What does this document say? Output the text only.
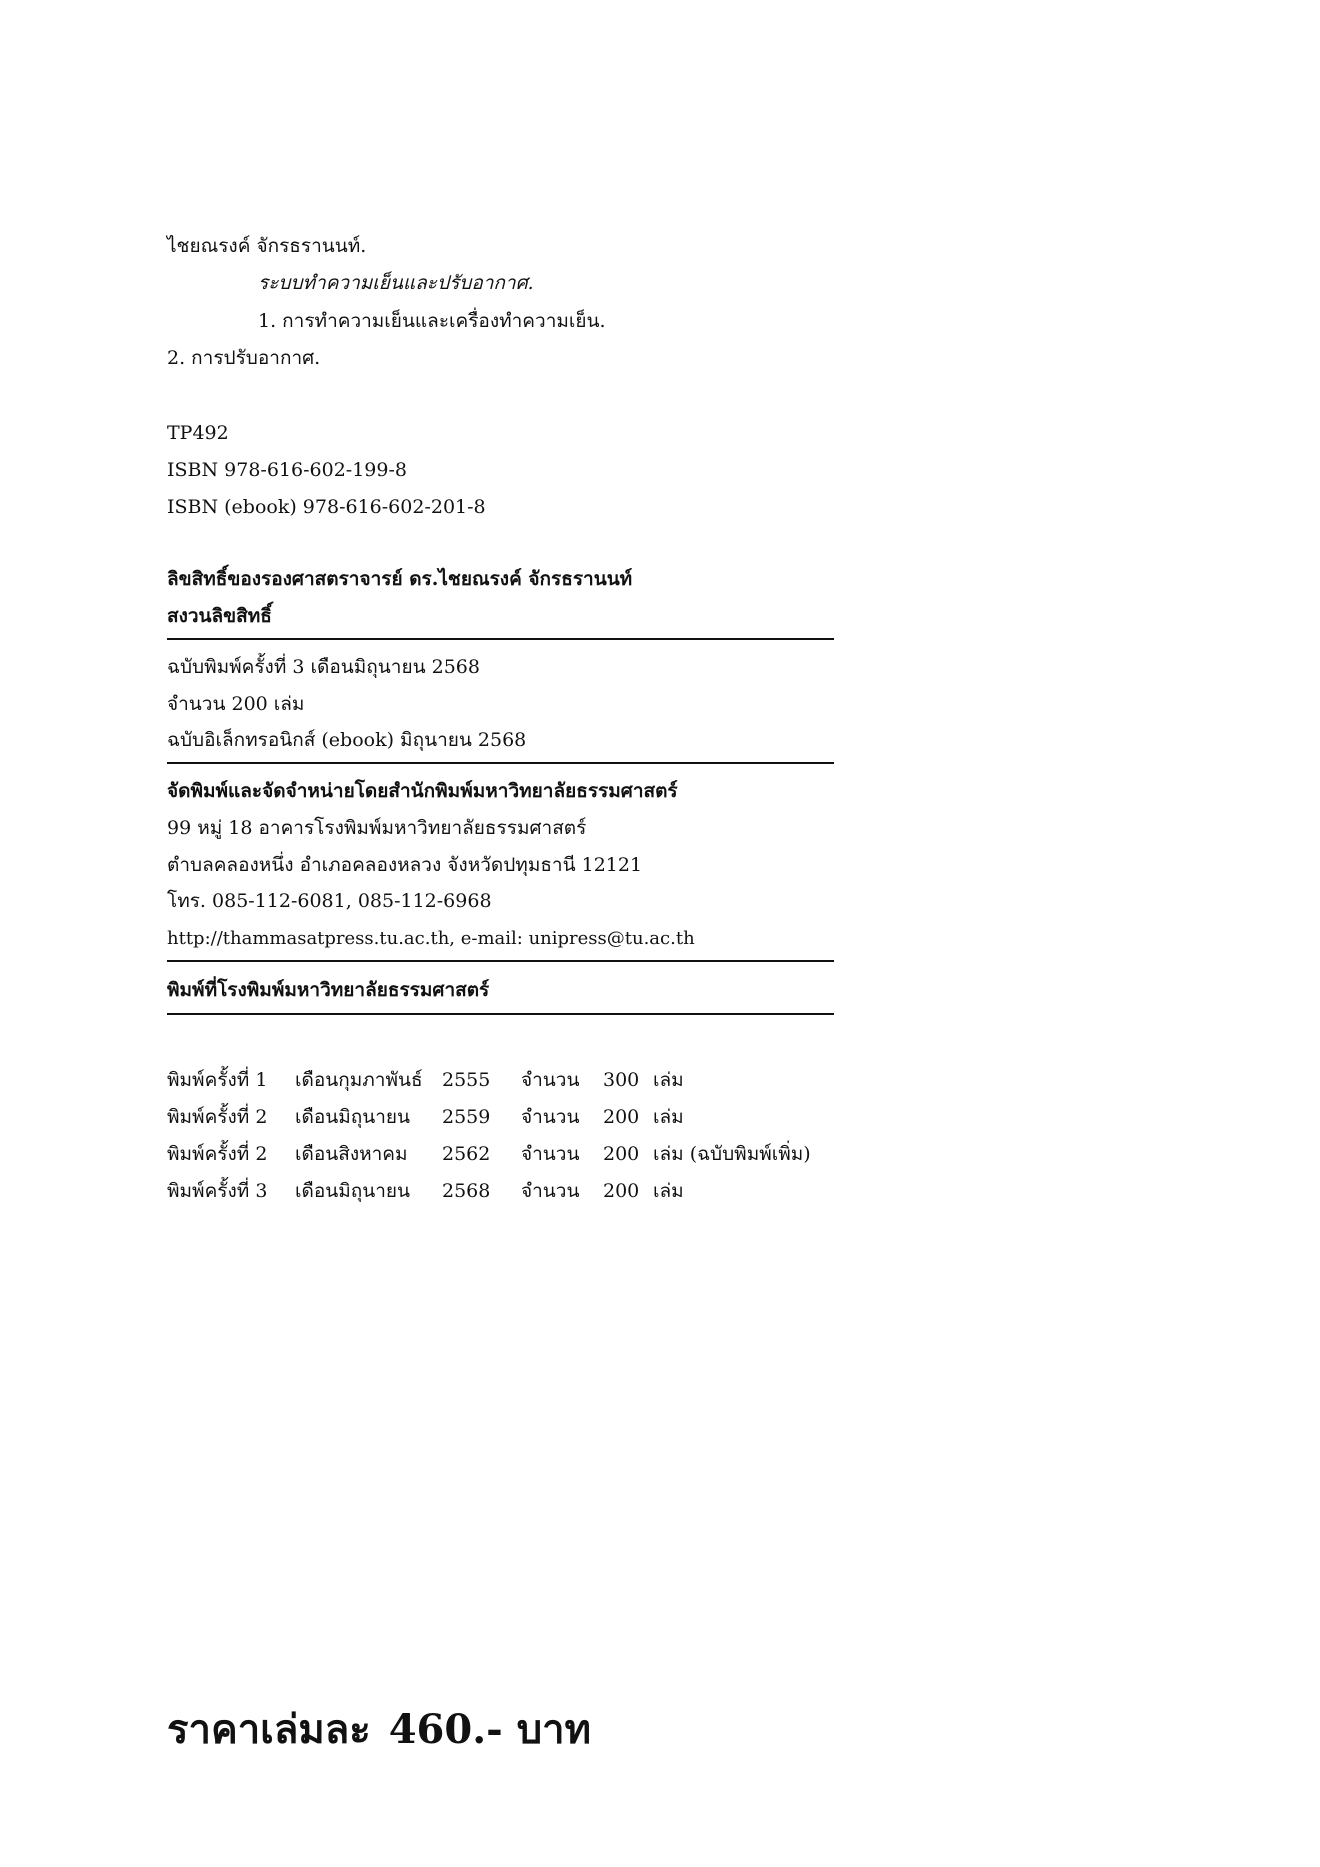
ไชยณรงค์ จักรธรานนท์.
ระบบทำความเย็นและปรับอากาศ.
1. การทำความเย็นและเครื่องทำความเย็น.
2. การปรับอากาศ.
TP492
ISBN 978-616-602-199-8
ISBN (ebook) 978-616-602-201-8
ลิขสิทธิ์ของรองศาสตราจารย์ ดร.ไชยณรงค์ จักรธรานนท์
สงวนลิขสิทธิ์
ฉบับพิมพ์ครั้งที่ 3 เดือนมิถุนายน 2568
จำนวน 200 เล่ม
ฉบับอิเล็กทรอนิกส์ (ebook) มิถุนายน 2568
จัดพิมพ์และจัดจำหน่ายโดยสำนักพิมพ์มหาวิทยาลัยธรรมศาสตร์
99 หมู่ 18 อาคารโรงพิมพ์มหาวิทยาลัยธรรมศาสตร์
ตำบลคลองหนึ่ง อำเภอคลองหลวง จังหวัดปทุมธานี 12121
โทร. 085-112-6081, 085-112-6968
http://thammasatpress.tu.ac.th, e-mail: unipress@tu.ac.th
พิมพ์ที่โรงพิมพ์มหาวิทยาลัยธรรมศาสตร์
พิมพ์ครั้งที่ 1	เดือนกุมภาพันธ์	2555	จำนวน	300	เล่ม
พิมพ์ครั้งที่ 2	เดือนมิถุนายน	2559	จำนวน	200	เล่ม
พิมพ์ครั้งที่ 2	เดือนสิงหาคม	2562	จำนวน	200	เล่ม (ฉบับพิมพ์เพิ่ม)
พิมพ์ครั้งที่ 3	เดือนมิถุนายน	2568	จำนวน	200	เล่ม
ราคาเล่มละ 460.- บาท
